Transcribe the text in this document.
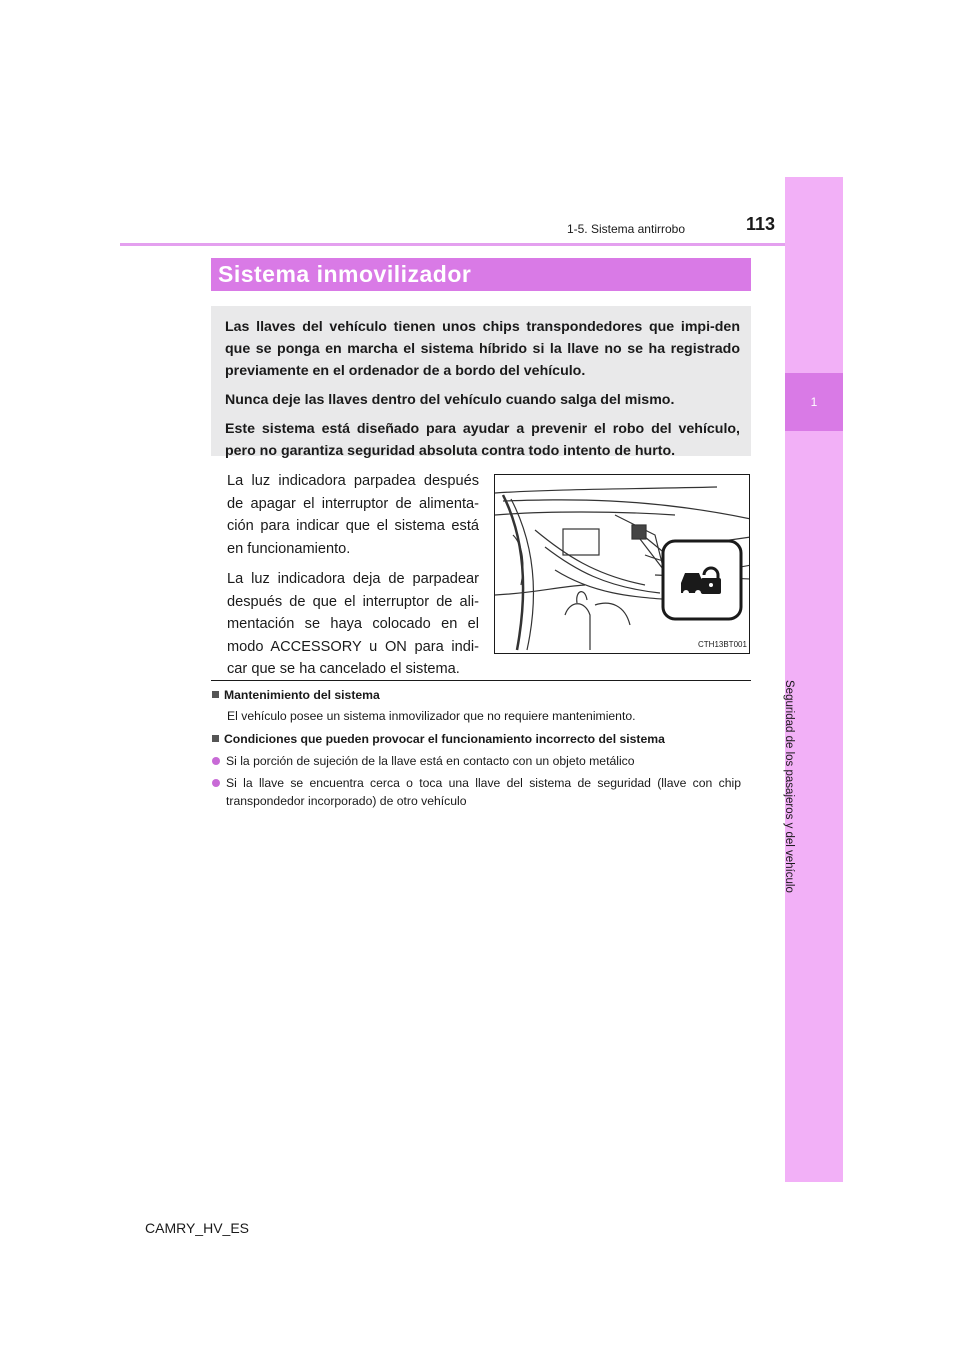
1-5. Sistema antirrobo	113
1
Seguridad de los pasajeros y del vehículo
Sistema inmovilizador

Las llaves del vehículo tienen unos chips transpondedores que impi-den que se ponga en marcha el sistema híbrido si la llave no se ha registrado previamente en el ordenador de a bordo del vehículo.

Nunca deje las llaves dentro del vehículo cuando salga del mismo.

Este sistema está diseñado para ayudar a prevenir el robo del vehículo, pero no garantiza seguridad absoluta contra todo intento de hurto.

La luz indicadora parpadea después de apagar el interruptor de alimenta-ción para indicar que el sistema está en funcionamiento.

La luz indicadora deja de parpadear después de que el interruptor de ali-mentación se haya colocado en el modo ACCESSORY u ON para indi-car que se ha cancelado el sistema.

CTH13BT001
Mantenimiento del sistema
El vehículo posee un sistema inmovilizador que no requiere mantenimiento.
Condiciones que pueden provocar el funcionamiento incorrecto del sistema
Si la porción de sujeción de la llave está en contacto con un objeto metálico
Si la llave se encuentra cerca o toca una llave del sistema de seguridad (llave con chip transpondedor incorporado) de otro vehículo
CAMRY_HV_ES
